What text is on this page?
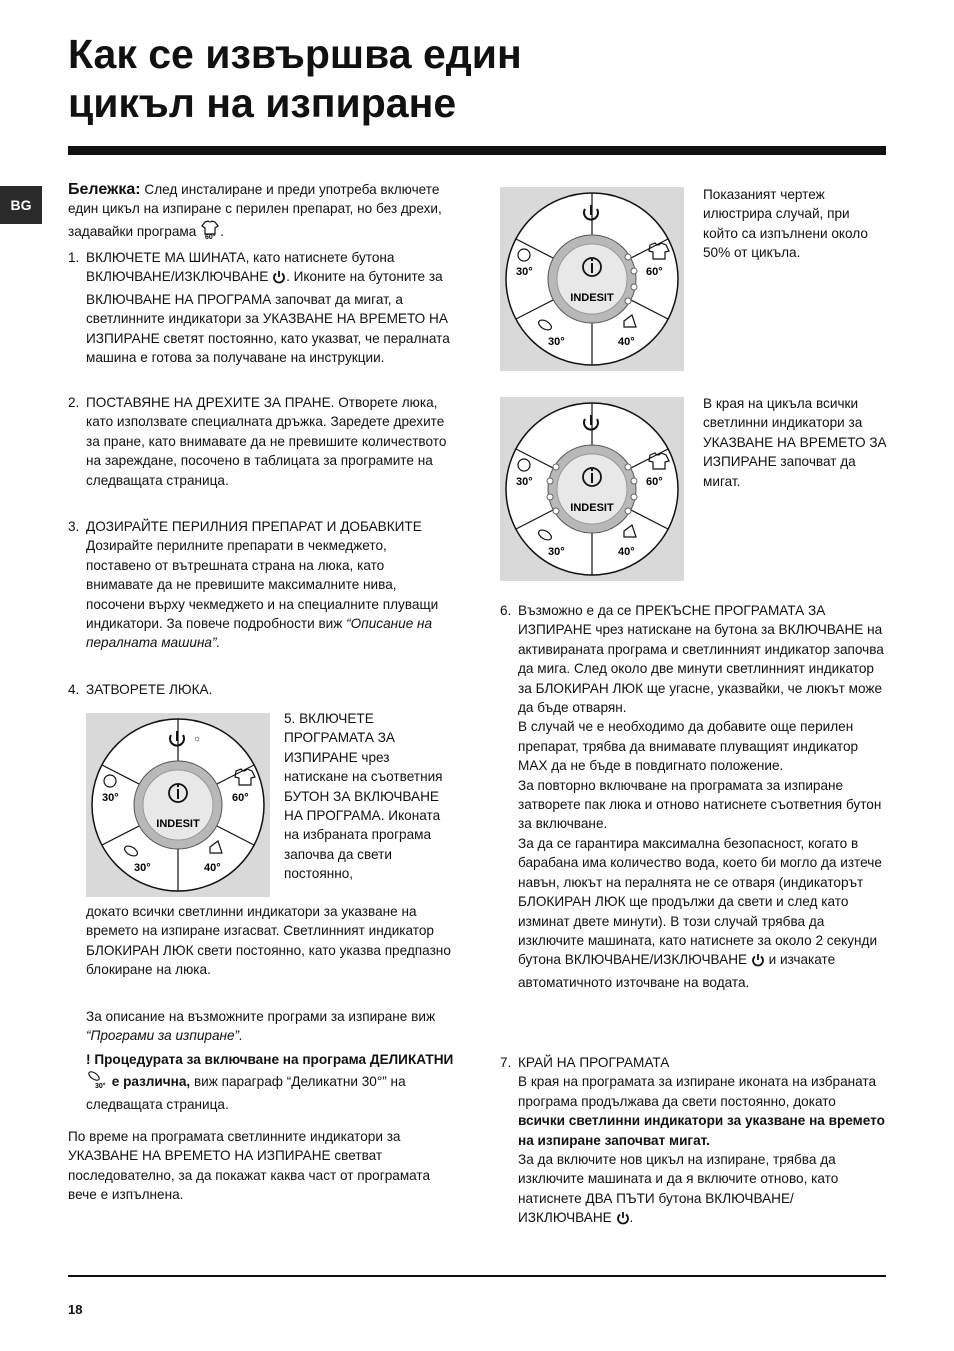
Как се извършва един
цикъл на изпиране
BG

Бележка: След инсталиране и преди употреба включете един цикъл на изпиране с перилен препарат, но без дрехи, задавайки програма 60° .

1. ВКЛЮЧЕТЕ МА ШИНАТА, като натиснете бутона ВКЛЮЧВАНЕ/ИЗКЛЮЧВАНЕ . Иконите на бутоните за ВКЛЮЧВАНЕ НА ПРОГРАМА започват да мигат, а светлинните индикатори за УКАЗВАНЕ НА ВРЕМЕТО НА ИЗПИРАНЕ светят постоянно, като указват, че пералната машина е готова за получаване на инструкции.
2. ПОСТАВЯНЕ НА ДРЕХИТЕ ЗА ПРАНЕ. Отворете люка, като използвате специалната дръжка. Заредете дрехите за пране, като внимавате да не превишите количеството на зареждане, посочено в таблицата за програмите на следващата страница.
3. ДОЗИРАЙТЕ ПЕРИЛНИЯ ПРЕПАРАТ И ДОБАВКИТЕ Дозирайте перилните препарати в чекмеджето, поставено от вътрешната страна на люка, като внимавате да не превишите максималните нива, посочени върху чекмеджето и на специалните плуващи индикатори. За повече подробности виж “Описание на пералната машина”.
4. ЗАТВОРЕТЕ ЛЮКА.
INDESIT
☼
30°	60°
30°	40°
5. ВКЛЮЧЕТЕ ПРОГРАМАТА ЗА ИЗПИРАНЕ чрез натискане на съответния БУТОН ЗА ВКЛЮЧВАНЕ НА ПРОГРАМА. Иконата на избраната програма започва да свети постоянно,
докато всички светлинни индикатори за указване на времето на изпиране изгасват. Светлинният индикатор БЛОКИРАН ЛЮК свети постоянно, като указва предпазно блокиране на люка.
За описание на възможните програми за изпиране виж “Програми за изпиране”.
! Процедурата за включване на програма ДЕЛИКАТНИ
30° е различна, виж параграф “Деликатни 30°” на следващата страница.
По време на програмата светлинните индикатори за УКАЗВАНЕ НА ВРЕМЕТО НА ИЗПИРАНЕ светват последователно, за да покажат каква част от програмата вече е изпълнена.
INDESIT
30°	60°
30°	40°
Показаният чертеж илюстрира случай, при който са изпълнени около 50% от цикъла.
INDESIT
30°	60°
30°	40°
В края на цикъла всички светлинни индикатори за УКАЗВАНЕ НА ВРЕМЕТО ЗА ИЗПИРАНЕ започват да мигат.
6. Възможно е да се ПРЕКЪСНЕ ПРОГРАМАТА ЗА ИЗПИРАНЕ чрез натискане на бутона за ВКЛЮЧВАНЕ на активираната програма и светлинният индикатор започва да мига. След около две минути светлинният индикатор за БЛОКИРАН ЛЮК ще угасне, указвайки, че люкът може да бъде отварян.

В случай че е необходимо да добавите още перилен препарат, трябва да внимавате плуващият индикатор MAX да не бъде в повдигнато положение.

За повторно включване на програмата за изпиране затворете пак люка и отново натиснете съответния бутон за включване.

За да се гарантира максимална безопасност, когато в барабана има количество вода, което би могло да изтече навън, люкът на пералнята не се отваря (индикаторът БЛОКИРАН ЛЮК ще продължи да свети и след като изминат двете минути). В този случай трябва да изключите машината, като натиснете за около 2 секунди бутона ВКЛЮЧВАНЕ/ИЗКЛЮЧВАНЕ и изчакате автоматичното източване на водата.

7. КРАЙ НА ПРОГРАМАТА

В края на програмата за изпиране иконата на избраната програма продължава да свети постоянно, докато всички светлинни индикатори за указване на времето на изпиране започват мигат.

За да включите нов цикъл на изпиране, трябва да изключите машината и да я включите отново, като натиснете ДВА ПЪТИ бутона ВКЛЮЧВАНЕ/ИЗКЛЮЧВАНЕ .

18
